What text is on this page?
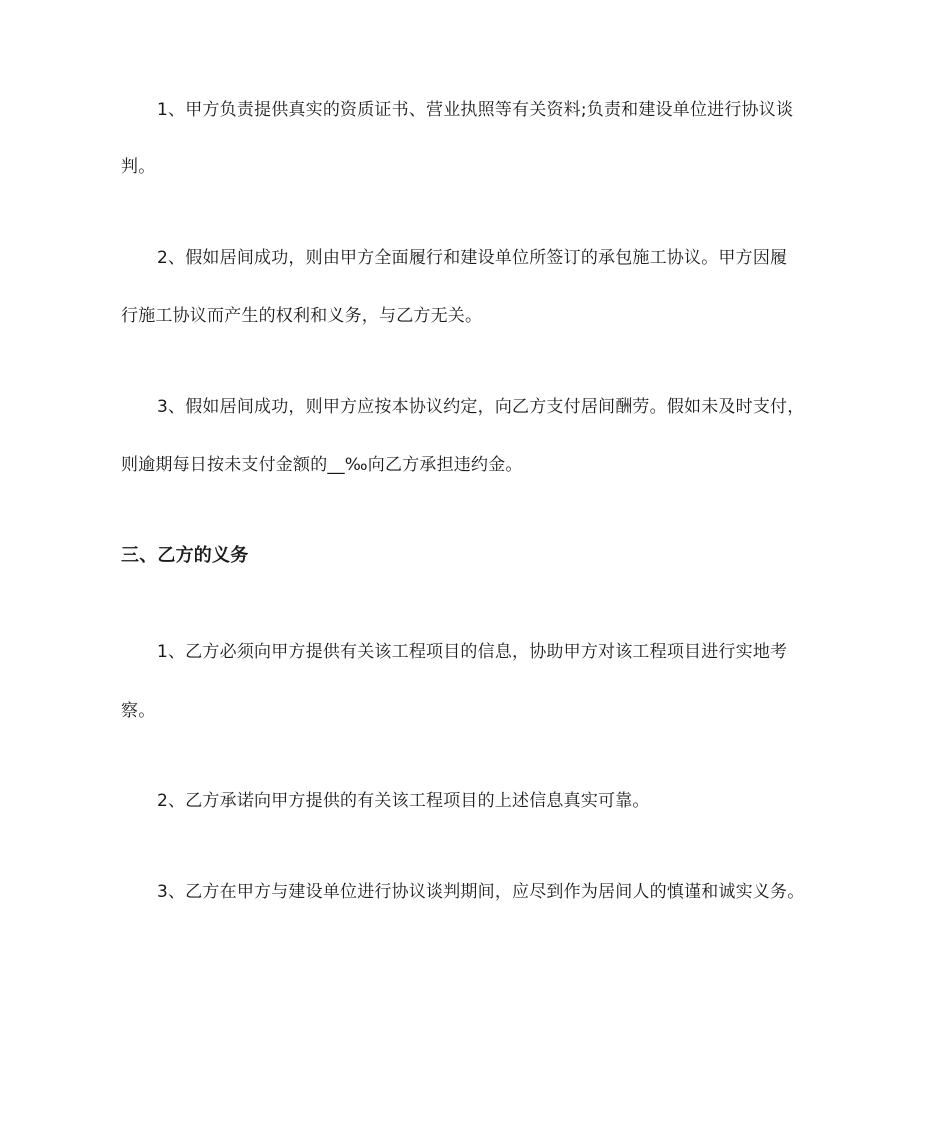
1、甲方负责提供真实的资质证书、营业执照等有关资料;负责和建设单位进行协议谈
判。
2、假如居间成功，则由甲方全面履行和建设单位所签订的承包施工协议。甲方因履
行施工协议而产生的权利和义务，与乙方无关。
3、假如居间成功，则甲方应按本协议约定，向乙方支付居间酬劳。假如未及时支付，
则逾期每日按未支付金额的__‰向乙方承担违约金。
三、乙方的义务
1、乙方必须向甲方提供有关该工程项目的信息，协助甲方对该工程项目进行实地考
察。
2、乙方承诺向甲方提供的有关该工程项目的上述信息真实可靠。
3、乙方在甲方与建设单位进行协议谈判期间，应尽到作为居间人的慎谨和诚实义务。
